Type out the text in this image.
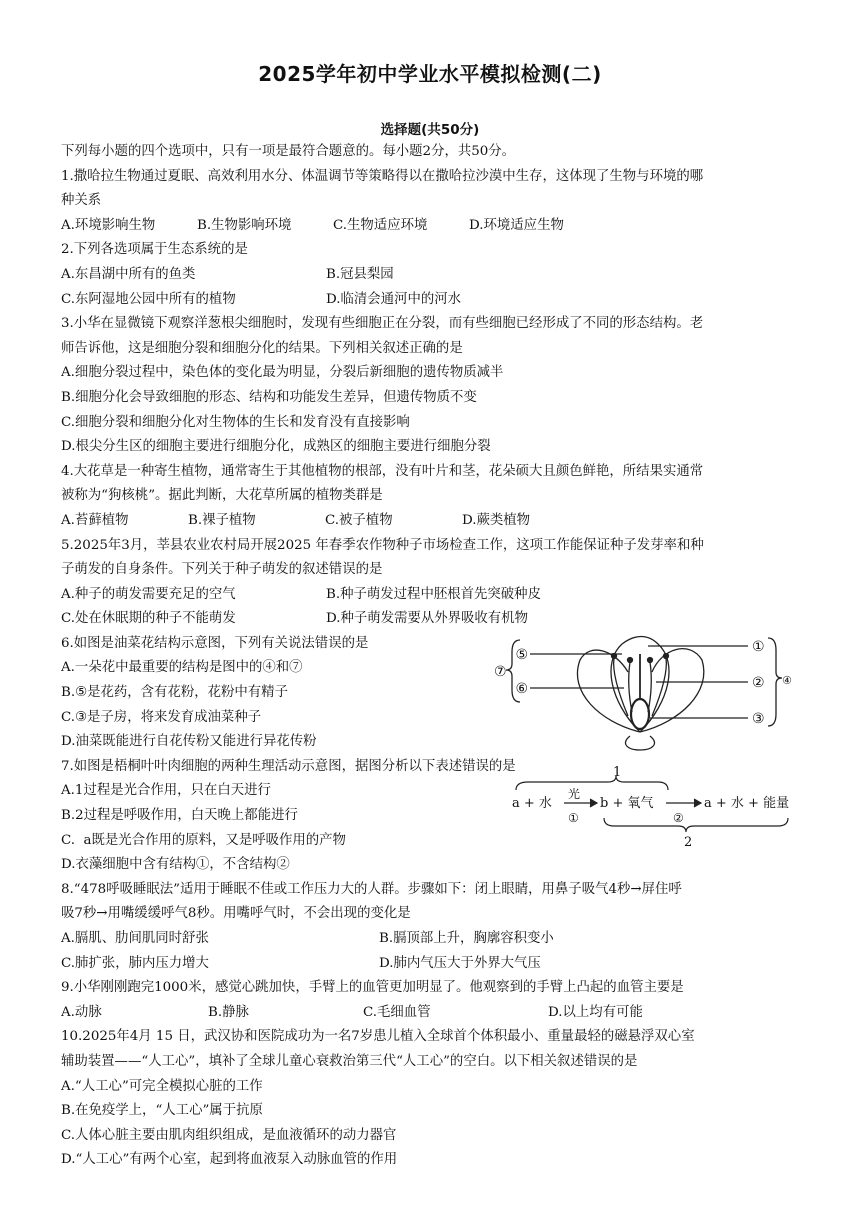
2025学年初中学业水平模拟检测(二)
选择题(共50分)
下列每小题的四个选项中，只有一项是最符合题意的。每小题2分，共50分。
1.撒哈拉生物通过夏眠、高效利用水分、体温调节等策略得以在撒哈拉沙漠中生存，这体现了生物与环境的哪
种关系
A.环境影响生物	B.生物影响环境	C.生物适应环境	D.环境适应生物
2.下列各选项属于生态系统的是
A.东昌湖中所有的鱼类	B.冠县梨园
C.东阿湿地公园中所有的植物	D.临清会通河中的河水
3.小华在显微镜下观察洋葱根尖细胞时，发现有些细胞正在分裂，而有些细胞已经形成了不同的形态结构。老
师告诉他，这是细胞分裂和细胞分化的结果。下列相关叙述正确的是
A.细胞分裂过程中，染色体的变化最为明显，分裂后新细胞的遗传物质减半
B.细胞分化会导致细胞的形态、结构和功能发生差异，但遗传物质不变
C.细胞分裂和细胞分化对生物体的生长和发育没有直接影响
D.根尖分生区的细胞主要进行细胞分化，成熟区的细胞主要进行细胞分裂
4.大花草是一种寄生植物，通常寄生于其他植物的根部，没有叶片和茎，花朵硕大且颜色鲜艳，所结果实通常
被称为“狗核桃”。据此判断，大花草所属的植物类群是
A.苔藓植物	B.裸子植物	C.被子植物	D.蕨类植物
5.2025年3月，莘县农业农村局开展2025 年春季农作物种子市场检查工作，这项工作能保证种子发芽率和种
子萌发的自身条件。下列关于种子萌发的叙述错误的是
A.种子的萌发需要充足的空气	B.种子萌发过程中胚根首先突破种皮
C.处在休眠期的种子不能萌发	D.种子萌发需要从外界吸收有机物
6.如图是油菜花结构示意图，下列有关说法错误的是
A.一朵花中最重要的结构是图中的④和⑦
B.⑤是花药，含有花粉，花粉中有精子
C.③是子房，将来发育成油菜种子
D.油菜既能进行自花传粉又能进行异花传粉
7.如图是梧桐叶叶肉细胞的两种生理活动示意图，据图分析以下表述错误的是
A.1过程是光合作用，只在白天进行
B.2过程是呼吸作用，白天晚上都能进行
C.  a既是光合作用的原料，又是呼吸作用的产物
D.衣藻细胞中含有结构①，不含结构②
8.“478呼吸睡眠法”适用于睡眠不佳或工作压力大的人群。步骤如下：闭上眼睛，用鼻子吸气4秒→屏住呼
吸7秒→用嘴缓缓呼气8秒。用嘴呼气时，不会出现的变化是
A.膈肌、肋间肌同时舒张	B.膈顶部上升，胸廓容积变小
C.肺扩张，肺内压力增大	D.肺内气压大于外界大气压
9.小华刚刚跑完1000米，感觉心跳加快，手臂上的血管更加明显了。他观察到的手臂上凸起的血管主要是
A.动脉	B.静脉	C.毛细血管	D.以上均有可能
10.2025年4月 15 日，武汉协和医院成功为一名7岁患儿植入全球首个体积最小、重量最轻的磁悬浮双心室
辅助装置——“人工心”，填补了全球儿童心衰救治第三代“人工心”的空白。以下相关叙述错误的是
A.“人工心”可完全模拟心脏的工作
B.在免疫学上，“人工心”属于抗原
C.人体心脏主要由肌肉组织组成，是血液循环的动力器官
D.“人工心”有两个心室，起到将血液泵入动脉血管的作用
①
②
③
⑤
⑥
⑦
④
1
a + 水
光
①
b + 氧气	a + 水 + 能量
②
2
